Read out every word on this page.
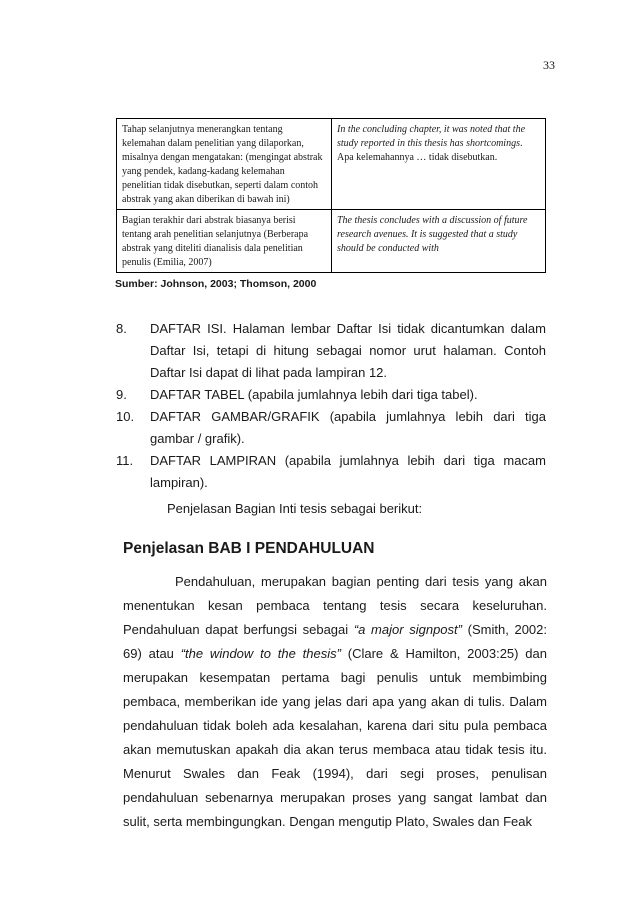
33
Tahap selanjutnya menerangkan tentang kelemahan dalam penelitian yang dilaporkan, misalnya dengan mengatakan: (mengingat abstrak yang pendek, kadang-kadang kelemahan penelitian tidak disebutkan, seperti dalam contoh abstrak yang akan diberikan di bawah ini)	In the concluding chapter, it was noted that the study reported in this thesis has shortcomings. Apa kelemahannya … tidak disebutkan.
Bagian terakhir dari abstrak biasanya berisi tentang arah penelitian selanjutnya (Berberapa abstrak yang diteliti dianalisis dala penelitian penulis (Emilia, 2007)	The thesis concludes with a discussion of future research avenues. It is suggested that a study should be conducted with
Sumber: Johnson, 2003; Thomson, 2000
8. DAFTAR ISI. Halaman lembar Daftar Isi tidak dicantumkan dalam Daftar Isi, tetapi di hitung sebagai nomor urut halaman. Contoh Daftar Isi dapat di lihat pada lampiran 12.
9. DAFTAR TABEL (apabila jumlahnya lebih dari tiga tabel).
10. DAFTAR GAMBAR/GRAFIK (apabila jumlahnya lebih dari tiga gambar / grafik).
11. DAFTAR LAMPIRAN (apabila jumlahnya lebih dari tiga macam lampiran).
Penjelasan Bagian Inti tesis sebagai berikut:
Penjelasan BAB I PENDAHULUAN

Pendahuluan, merupakan bagian penting dari tesis yang akan menentukan kesan pembaca tentang tesis secara keseluruhan. Pendahuluan dapat berfungsi sebagai “a major signpost” (Smith, 2002: 69) atau “the window to the thesis” (Clare & Hamilton, 2003:25) dan merupakan kesempatan pertama bagi penulis untuk membimbing pembaca, memberikan ide yang jelas dari apa yang akan di tulis. Dalam pendahuluan tidak boleh ada kesalahan, karena dari situ pula pembaca akan memutuskan apakah dia akan terus membaca atau tidak tesis itu. Menurut Swales dan Feak (1994), dari segi proses, penulisan pendahuluan sebenarnya merupakan proses yang sangat lambat dan sulit, serta membingungkan. Dengan mengutip Plato, Swales dan Feak
